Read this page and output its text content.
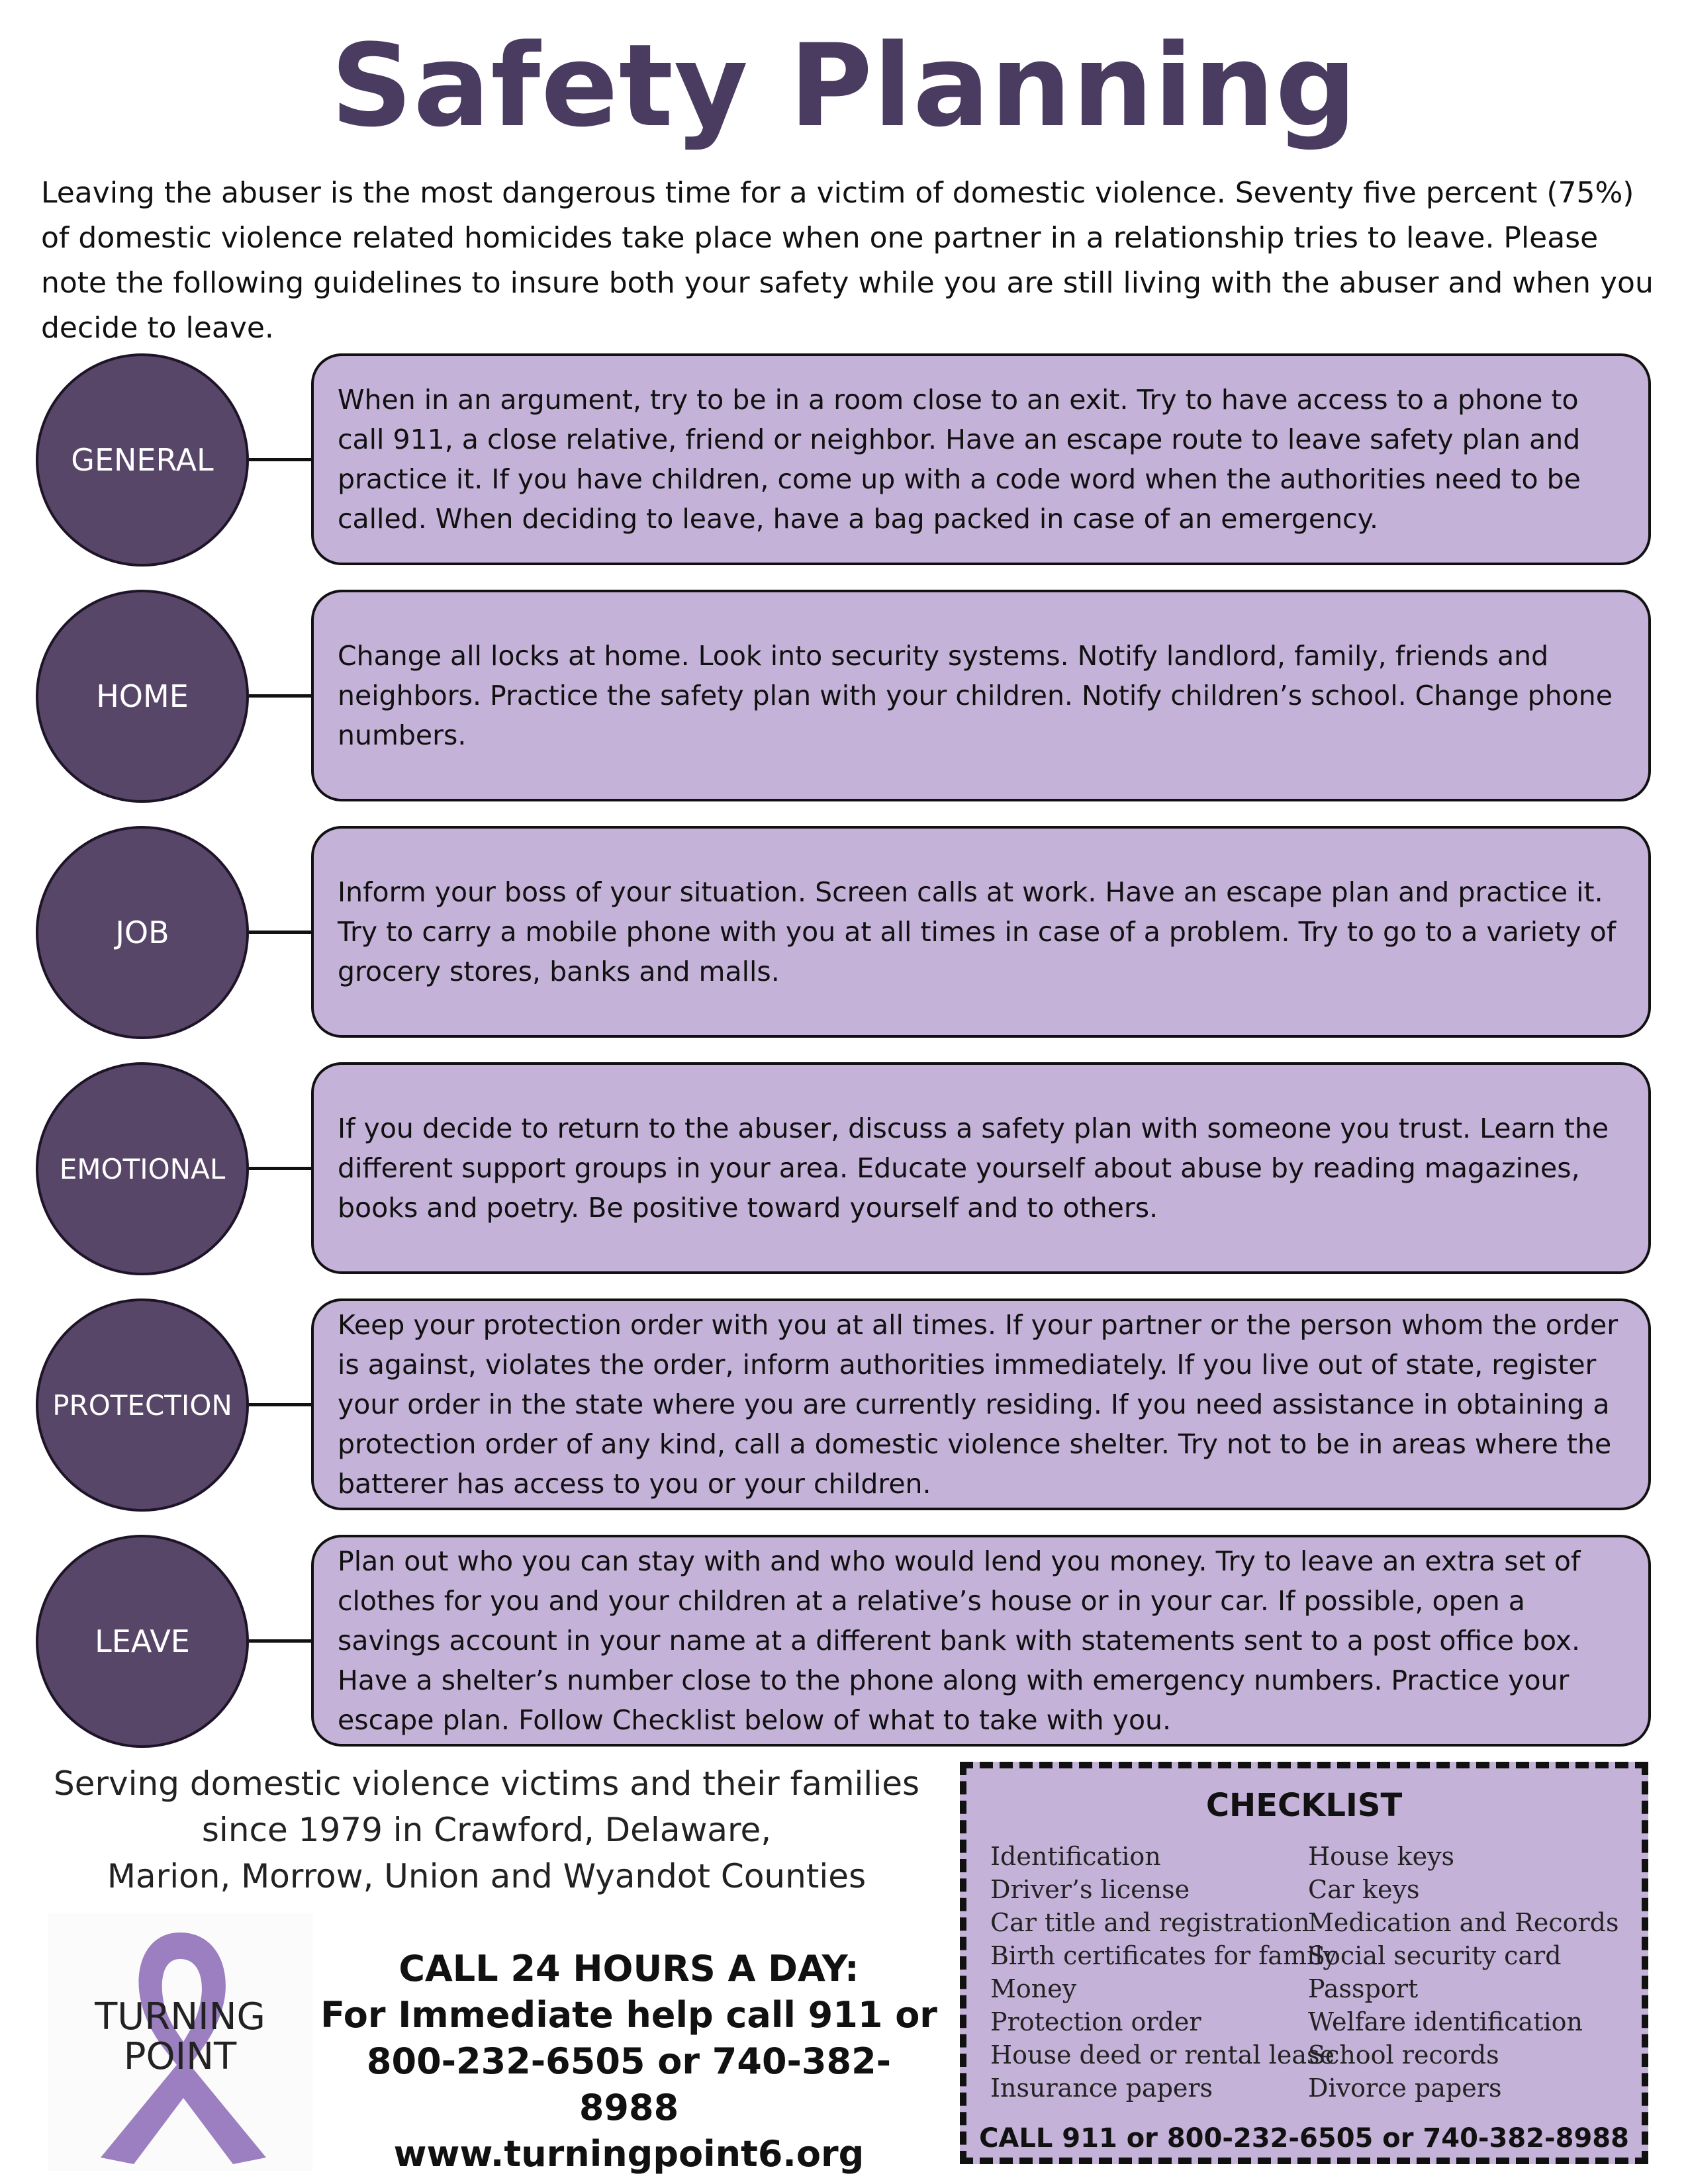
Safety Planning
Leaving the abuser is the most dangerous time for a victim of domestic violence. Seventy five percent (75%) of domestic violence related homicides take place when one partner in a relationship tries to leave. Please note the following guidelines to insure both your safety while you are still living with the abuser and when you decide to leave.
GENERAL
When in an argument, try to be in a room close to an exit. Try to have access to a phone to call 911, a close relative, friend or neighbor. Have an escape route to leave safety plan and practice it. If you have children, come up with a code word when the authorities need to be called. When deciding to leave, have a bag packed in case of an emergency.
HOME
Change all locks at home. Look into security systems. Notify landlord, family, friends and neighbors. Practice the safety plan with your children. Notify children’s school. Change phone numbers.
JOB
Inform your boss of your situation. Screen calls at work. Have an escape plan and practice it. Try to carry a mobile phone with you at all times in case of a problem. Try to go to a variety of grocery stores, banks and malls.
EMOTIONAL
If you decide to return to the abuser, discuss a safety plan with someone you trust. Learn the different support groups in your area. Educate yourself about abuse by reading magazines, books and poetry. Be positive toward yourself and to others.
PROTECTION
Keep your protection order with you at all times. If your partner or the person whom the order is against, violates the order, inform authorities immediately. If you live out of state, register your order in the state where you are currently residing. If you need assistance in obtaining a protection order of any kind, call a domestic violence shelter. Try not to be in areas where the batterer has access to you or your children.
LEAVE
Plan out who you can stay with and who would lend you money. Try to leave an extra set of clothes for you and your children at a relative’s house or in your car. If possible, open a savings account in your name at a different bank with statements sent to a post office box. Have a shelter’s number close to the phone along with emergency numbers. Practice your escape plan. Follow Checklist below of what to take with you.
Serving domestic violence victims and their families
since 1979 in Crawford, Delaware,
Marion, Morrow, Union and Wyandot Counties
TURNING
POINT
CALL 24 HOURS A DAY:
For Immediate help call 911 or
800-232-6505 or 740-382-8988
www.turningpoint6.org
CHECKLIST
Identification
Driver’s license
Car title and registration
Birth certificates for family
Money
Protection order
House deed or rental lease
Insurance papers
House keys
Car keys
Medication and Records
Social security card
Passport
Welfare identification
School records
Divorce papers
CALL 911 or 800-232-6505 or 740-382-8988
